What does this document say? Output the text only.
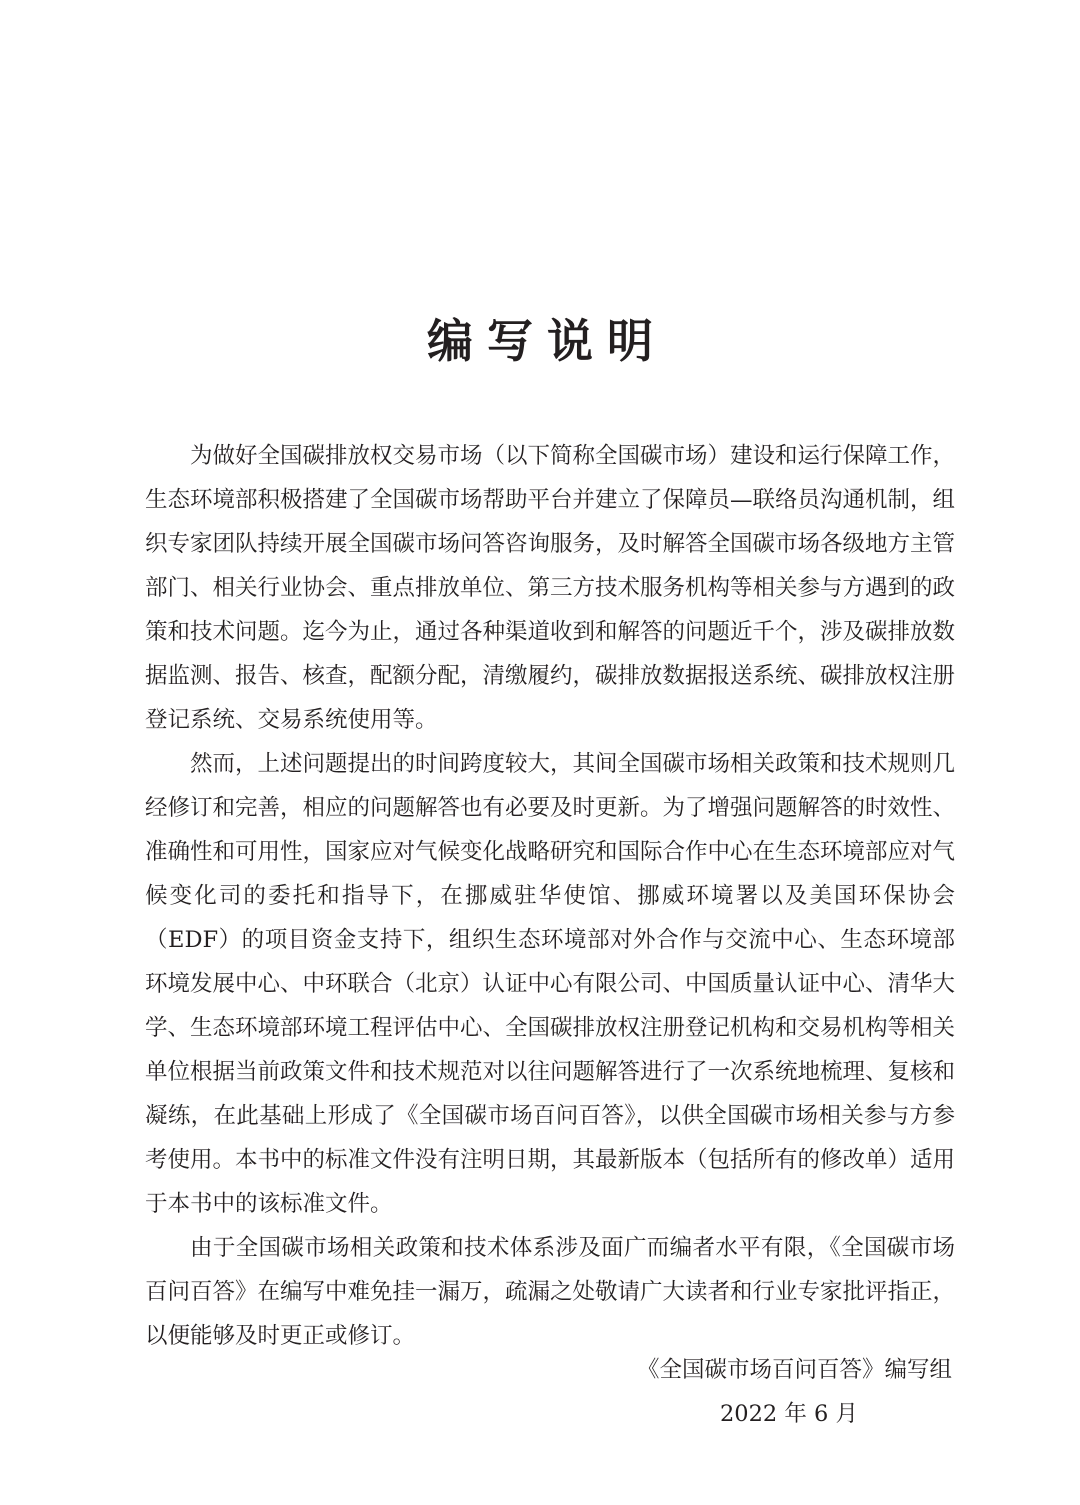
编写说明

为做好全国碳排放权交易市场（以下简称全国碳市场）建设和运行保障工作，生态环境部积极搭建了全国碳市场帮助平台并建立了保障员—联络员沟通机制，组织专家团队持续开展全国碳市场问答咨询服务，及时解答全国碳市场各级地方主管部门、相关行业协会、重点排放单位、第三方技术服务机构等相关参与方遇到的政策和技术问题。迄今为止，通过各种渠道收到和解答的问题近千个，涉及碳排放数据监测、报告、核查，配额分配，清缴履约，碳排放数据报送系统、碳排放权注册登记系统、交易系统使用等。

然而，上述问题提出的时间跨度较大，其间全国碳市场相关政策和技术规则几经修订和完善，相应的问题解答也有必要及时更新。为了增强问题解答的时效性、准确性和可用性，国家应对气候变化战略研究和国际合作中心在生态环境部应对气候变化司的委托和指导下，在挪威驻华使馆、挪威环境署以及美国环保协会（EDF）的项目资金支持下，组织生态环境部对外合作与交流中心、生态环境部环境发展中心、中环联合（北京）认证中心有限公司、中国质量认证中心、清华大学、生态环境部环境工程评估中心、全国碳排放权注册登记机构和交易机构等相关单位根据当前政策文件和技术规范对以往问题解答进行了一次系统地梳理、复核和凝练，在此基础上形成了《全国碳市场百问百答》，以供全国碳市场相关参与方参考使用。本书中的标准文件没有注明日期，其最新版本（包括所有的修改单）适用于本书中的该标准文件。

由于全国碳市场相关政策和技术体系涉及面广而编者水平有限，《全国碳市场百问百答》在编写中难免挂一漏万，疏漏之处敬请广大读者和行业专家批评指正，以便能够及时更正或修订。

《全国碳市场百问百答》编写组
2022 年 6 月
